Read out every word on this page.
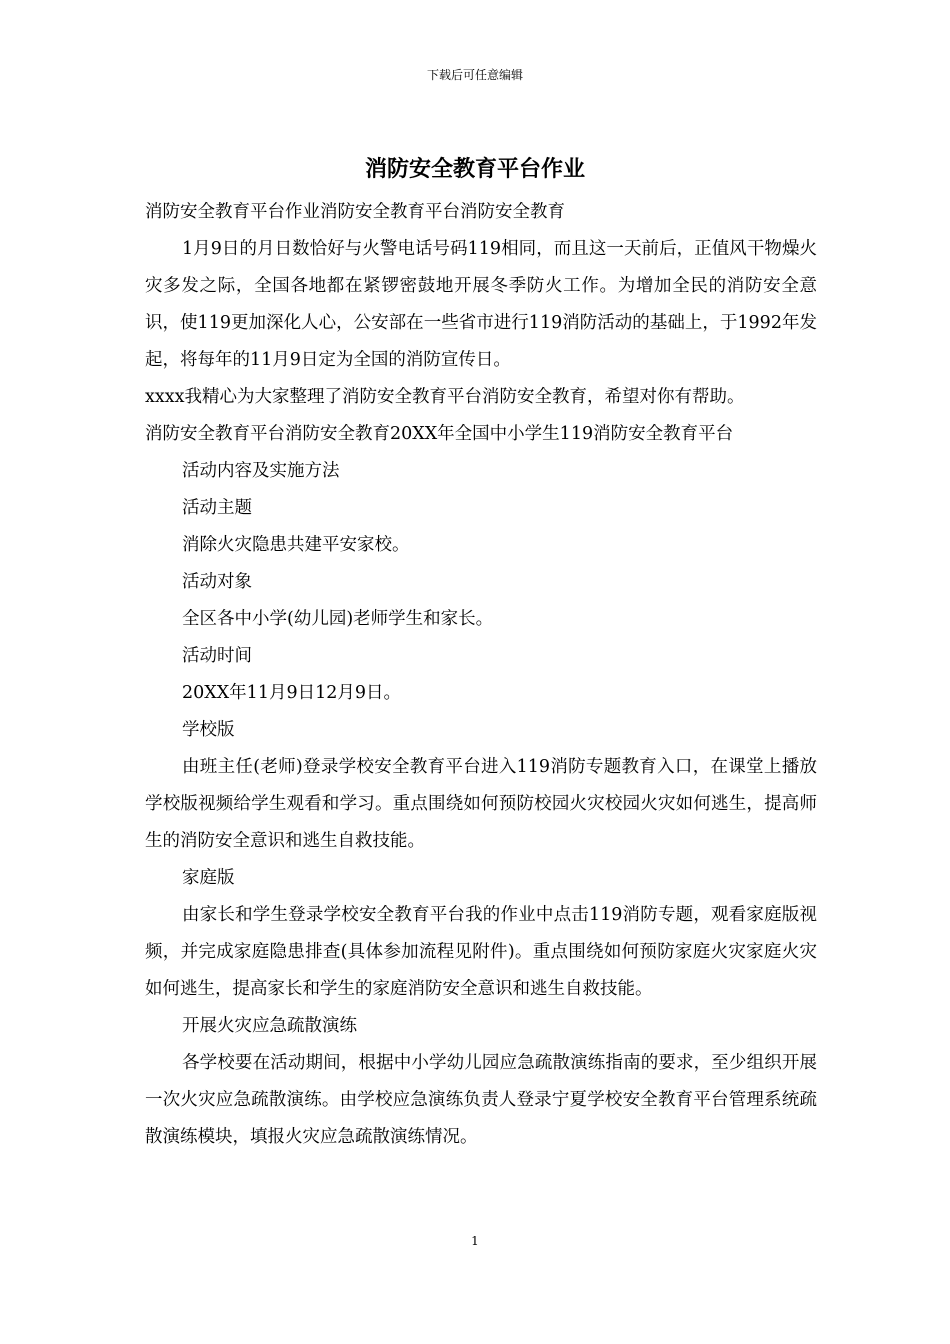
下载后可任意编辑
消防安全教育平台作业

消防安全教育平台作业消防安全教育平台消防安全教育

1月9日的月日数恰好与火警电话号码119相同，而且这一天前后，正值风干物燥火灾多发之际，全国各地都在紧锣密鼓地开展冬季防火工作。为增加全民的消防安全意识，使119更加深化人心，公安部在一些省市进行119消防活动的基础上，于1992年发起，将每年的11月9日定为全国的消防宣传日。

xxxx我精心为大家整理了消防安全教育平台消防安全教育，希望对你有帮助。

消防安全教育平台消防安全教育20XX年全国中小学生119消防安全教育平台

活动内容及实施方法

活动主题

消除火灾隐患共建平安家校。

活动对象

全区各中小学(幼儿园)老师学生和家长。

活动时间

20XX年11月9日12月9日。

学校版

由班主任(老师)登录学校安全教育平台进入119消防专题教育入口，在课堂上播放学校版视频给学生观看和学习。重点围绕如何预防校园火灾校园火灾如何逃生，提高师生的消防安全意识和逃生自救技能。

家庭版

由家长和学生登录学校安全教育平台我的作业中点击119消防专题，观看家庭版视频，并完成家庭隐患排查(具体参加流程见附件)。重点围绕如何预防家庭火灾家庭火灾如何逃生，提高家长和学生的家庭消防安全意识和逃生自救技能。

开展火灾应急疏散演练

各学校要在活动期间，根据中小学幼儿园应急疏散演练指南的要求，至少组织开展一次火灾应急疏散演练。由学校应急演练负责人登录宁夏学校安全教育平台管理系统疏散演练模块，填报火灾应急疏散演练情况。

1
